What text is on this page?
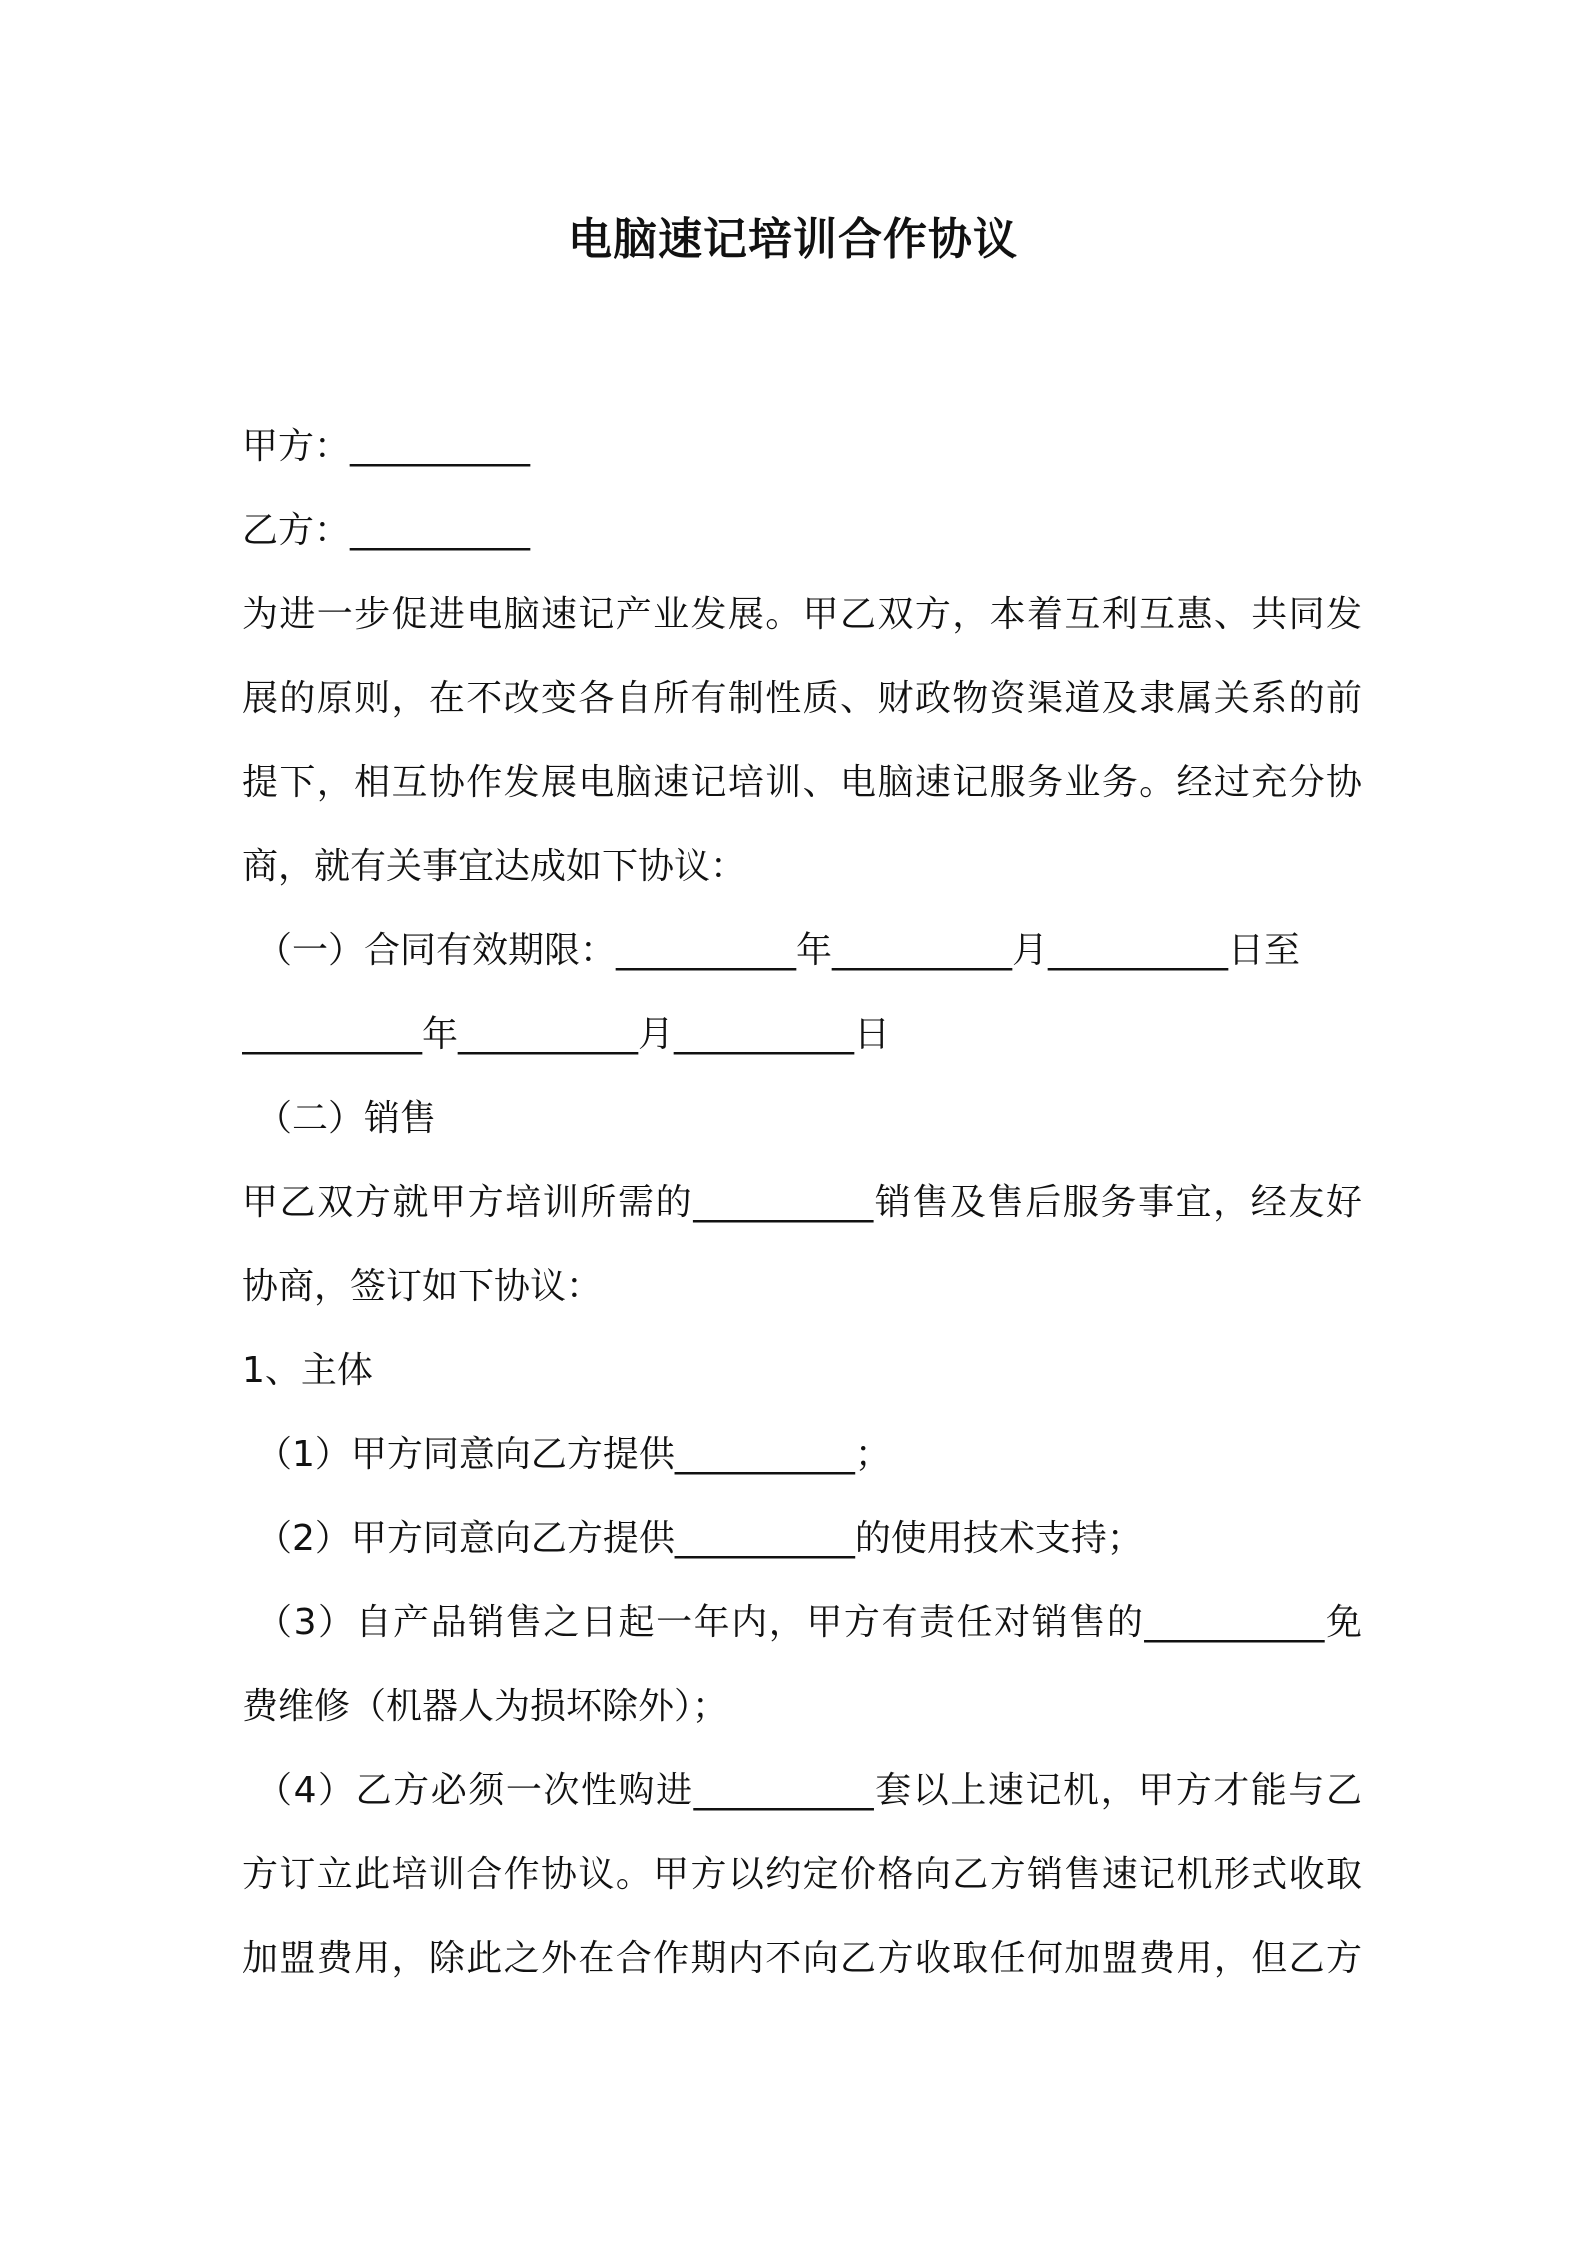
电脑速记培训合作协议
甲方：__________
乙方：__________
为进一步促进电脑速记产业发展。甲乙双方，本着互利互惠、共同发
展的原则，在不改变各自所有制性质、财政物资渠道及隶属关系的前
提下，相互协作发展电脑速记培训、电脑速记服务业务。经过充分协
商，就有关事宜达成如下协议：
（一）合同有效期限：__________年__________月__________日至
__________年__________月__________日
（二）销售
甲乙双方就甲方培训所需的__________销售及售后服务事宜，经友好
协商，签订如下协议：
1、主体
（1）甲方同意向乙方提供__________；
（2）甲方同意向乙方提供__________的使用技术支持；
（3）自产品销售之日起一年内，甲方有责任对销售的__________免
费维修（机器人为损坏除外）；
（4）乙方必须一次性购进__________套以上速记机，甲方才能与乙
方订立此培训合作协议。甲方以约定价格向乙方销售速记机形式收取
加盟费用，除此之外在合作期内不向乙方收取任何加盟费用，但乙方
